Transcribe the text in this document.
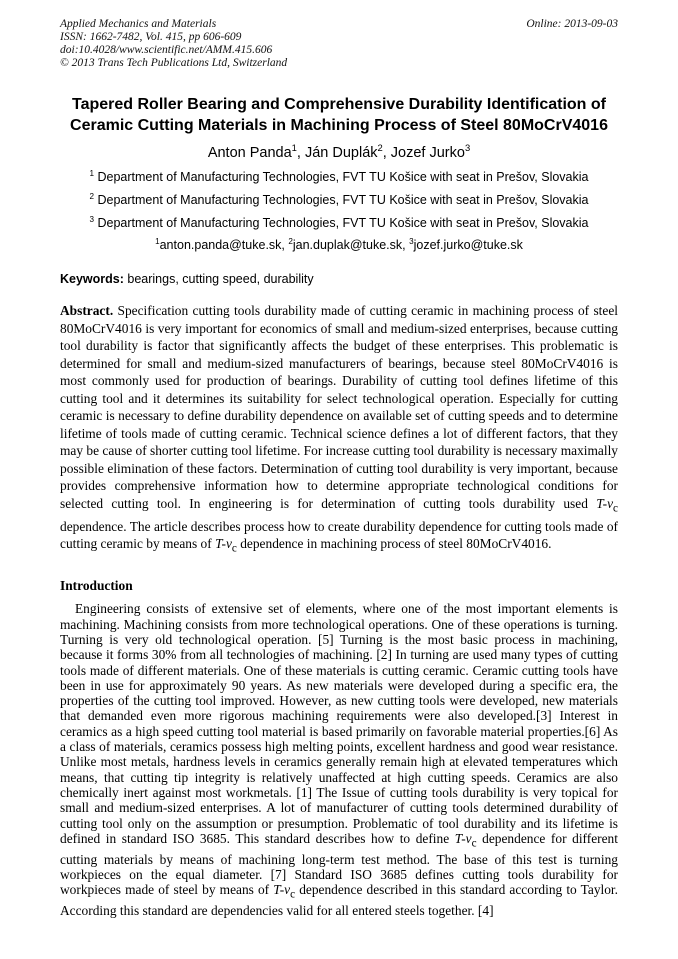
Applied Mechanics and Materials
ISSN: 1662-7482, Vol. 415, pp 606-609
doi:10.4028/www.scientific.net/AMM.415.606
© 2013 Trans Tech Publications Ltd, Switzerland
Online: 2013-09-03
Tapered Roller Bearing and Comprehensive Durability Identification of Ceramic Cutting Materials in Machining Process of Steel 80MoCrV4016
Anton Panda$^1$, Ján Duplák$^2$, Jozef Jurko$^3$
$^1$ Department of Manufacturing Technologies, FVT TU Košice with seat in Prešov, Slovakia
$^2$ Department of Manufacturing Technologies, FVT TU Košice with seat in Prešov, Slovakia
$^3$ Department of Manufacturing Technologies, FVT TU Košice with seat in Prešov, Slovakia
$^1$anton.panda@tuke.sk, $^2$jan.duplak@tuke.sk, $^3$jozef.jurko@tuke.sk
Keywords: bearings, cutting speed, durability
Abstract. Specification cutting tools durability made of cutting ceramic in machining process of steel 80MoCrV4016 is very important for economics of small and medium-sized enterprises, because cutting tool durability is factor that significantly affects the budget of these enterprises. This problematic is determined for small and medium-sized manufacturers of bearings, because steel 80MoCrV4016 is most commonly used for production of bearings. Durability of cutting tool defines lifetime of this cutting tool and it determines its suitability for select technological operation. Especially for cutting ceramic is necessary to define durability dependence on available set of cutting speeds and to determine lifetime of tools made of cutting ceramic. Technical science defines a lot of different factors, that they may be cause of shorter cutting tool lifetime. For increase cutting tool durability is necessary maximally possible elimination of these factors. Determination of cutting tool durability is very important, because provides comprehensive information how to determine appropriate technological conditions for selected cutting tool. In engineering is for determination of cutting tools durability used $T-v_c$ dependence. The article describes process how to create durability dependence for cutting tools made of cutting ceramic by means of $T-v_c$ dependence in machining process of steel 80MoCrV4016.
Introduction
Engineering consists of extensive set of elements, where one of the most important elements is machining. Machining consists from more technological operations. One of these operations is turning. Turning is very old technological operation. [5] Turning is the most basic process in machining, because it forms 30% from all technologies of machining. [2] In turning are used many types of cutting tools made of different materials. One of these materials is cutting ceramic. Ceramic cutting tools have been in use for approximately 90 years. As new materials were developed during a specific era, the properties of the cutting tool improved. However, as new cutting tools were developed, new materials that demanded even more rigorous machining requirements were also developed.[3] Interest in ceramics as a high speed cutting tool material is based primarily on favorable material properties.[6] As a class of materials, ceramics possess high melting points, excellent hardness and good wear resistance. Unlike most metals, hardness levels in ceramics generally remain high at elevated temperatures which means, that cutting tip integrity is relatively unaffected at high cutting speeds. Ceramics are also chemically inert against most workmetals. [1] The Issue of cutting tools durability is very topical for small and medium-sized enterprises. A lot of manufacturer of cutting tools determined durability of cutting tool only on the assumption or presumption. Problematic of tool durability and its lifetime is defined in standard ISO 3685. This standard describes how to define $T-v_c$ dependence for different cutting materials by means of machining long-term test method. The base of this test is turning workpieces on the equal diameter. [7] Standard ISO 3685 defines cutting tools durability for workpieces made of steel by means of $T-v_c$ dependence described in this standard according to Taylor. According this standard are dependencies valid for all entered steels together. [4]
